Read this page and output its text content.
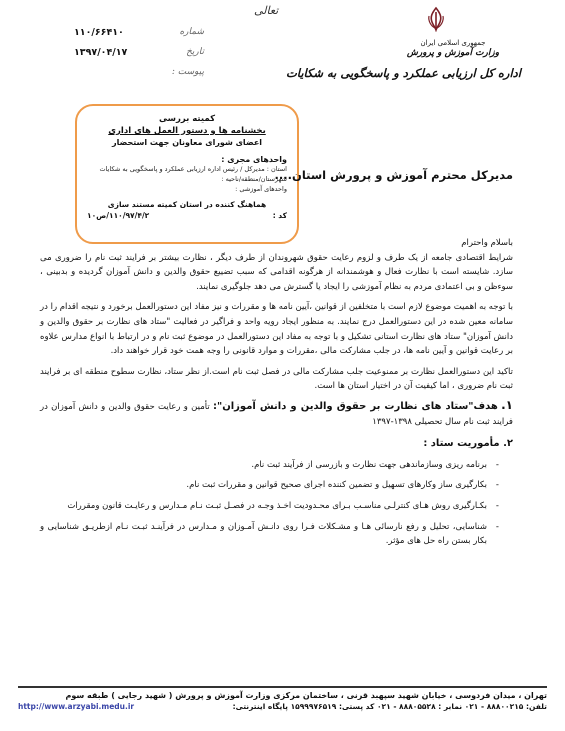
جمهوری اسلامی ایران
وزارت آموزش و پرورش
اداره کل ارزیابی عملکرد و پاسخگویی به شکایات
تعالی
شماره
۱۱۰/۶۶۴۱۰
تاریخ
۱۳۹۷/۰۴/۱۷
پیوست :
کمیته بررسی
بخشنامه ها و دستور العمل های اداری
اعضای شورای معاونان جهت استحضار
واحدهای مجری :
استان : مدیرکل / رئیس اداره ارزیابی عملکرد و پاسخگویی به شکایات
شهرستان/منطقه/ناحیه :
واحدهای آموزشی :
هماهنگ کننده در استان کمیته مستند سازی
کد :
۱۱۰/۹۷/۴/۲/ص۱۰
مدیرکل محترم آموزش و پرورش استان....

باسلام واحترام

شرایط اقتصادی جامعه از یک طرف و لزوم رعایت حقوق شهروندان از طرف دیگر ، نظارت بیشتر بر فرایند ثبت نام را ضروری می سازد. شایسته است با نظارت فعال و هوشمندانه از هرگونه اقدامی که سبب تضییع حقوق والدین و دانش آموزان گردیده و بدبینی ، سوءظن و بی اعتمادی مردم به نظام آموزشی را ایجاد یا گسترش می دهد جلوگیری نمایند.

با توجه به اهمیت موضوع لازم است با متخلفین از قوانین ،آیین نامه ها و مقررات و نیز مفاد این دستورالعمل برخورد و نتیجه اقدام را در سامانه معین شده در این دستورالعمل درج نمایند. به منظور ایجاد رویه واحد و فراگیر در فعالیت "ستاد های نظارت بر حقوق والدین و دانش آموزان" ستاد های نظارت استانی تشکیل و با توجه به مفاد این دستورالعمل در موضوع ثبت نام و در ارتباط با انواع مدارس علاوه بر رعایت قوانین و آیین نامه ها، در جلب مشارکت مالی ،مقررات و موارد قانونی را وجه همت خود قرار خواهند داد.

تاکید این دستورالعمل نظارت بر ممنوعیت جلب مشارکت مالی در فصل ثبت نام است.از نظر ستاد، نظارت سطوح منطقه ای بر فرایند ثبت نام ضروری ، اما کیفیت آن در اختیار استان ها است.

۱. هدف"ستاد های نظارت بر حقوق والدین و دانش آموزان": تأمین و رعایت حقوق والدین و دانش آموزان در فرایند ثبت نام سال تحصیلی ۱۳۹۸-۱۳۹۷
۲. مأموریت ستاد :
- برنامه ریزی وسازماندهی جهت نظارت و بازرسی از فرآیند ثبت نام.
- بکارگیری ساز وکارهای تسهیل و تضمین کننده اجرای صحیح قوانین و مقررات ثبت نام.
- بکـارگیری روش هـای کنترلـی مناسـب بـرای محـدودیت اخـذ وجـه در فصـل ثبـت نـام مـدارس و رعایـت قانون ومقررات
- شناسایی، تحلیل و رفع نارسائی هـا و مشـکلات فـرا روی دانـش آمـوزان و مـدارس در فرآینـد ثبـت نـام ازطریـق شناسایی و بکار بستن راه حل های مؤثر.
تهران ، میدان فردوسی ، خیابان شهید سپهبد قرنی ، ساختمان مرکزی وزارت آموزش و پرورش ( شهید رجایی ) طبقه سوم
تلفن: ۸۸۸۰۰۲۱۵ - ۰۲۱ نمابر : ۸۸۸۰۵۵۲۸ - ۰۲۱ کد پستی: ۱۵۹۹۹۷۶۵۱۹ پایگاه اینترنتی:
http://www.arzyabi.medu.ir
